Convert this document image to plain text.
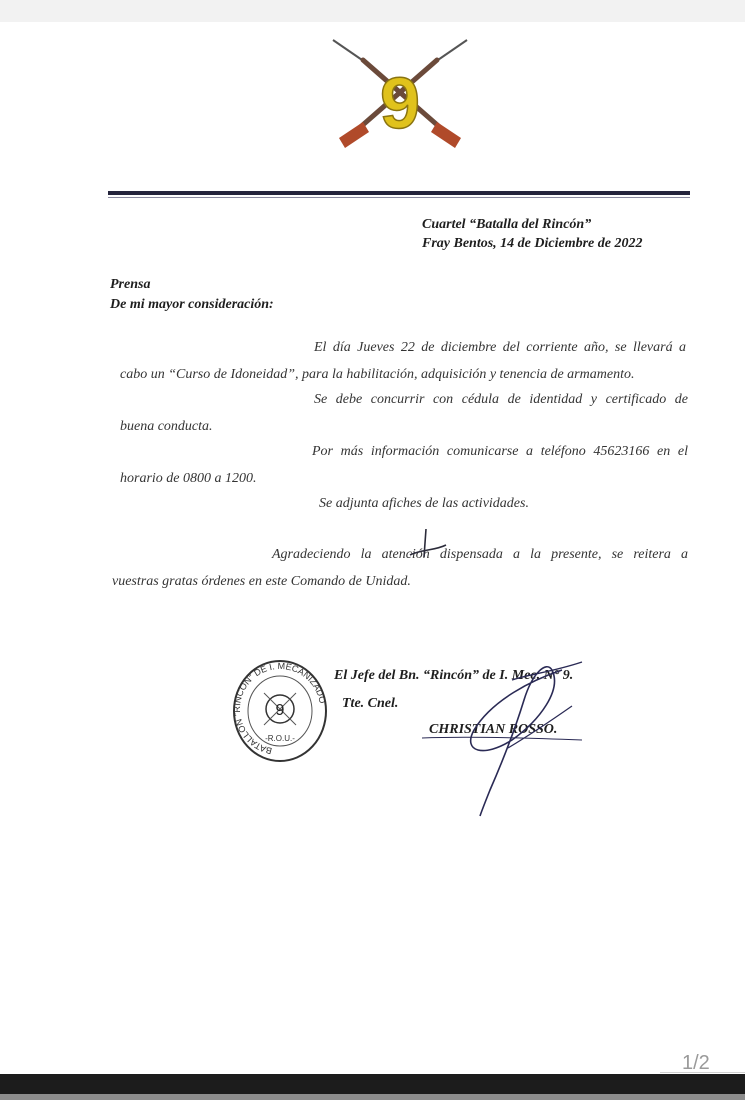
9
Cuartel “Batalla del Rincón”
Fray Bentos, 14 de Diciembre de 2022
Prensa
De mi mayor consideración:
El día Jueves 22 de diciembre del corriente año, se llevará a
cabo un “Curso de Idoneidad”, para la habilitación, adquisición y tenencia de armamento.
Se debe concurrir con cédula de identidad y certificado de
buena conducta.
Por más información comunicarse a teléfono 45623166 en el
horario de 0800 a 1200.
Se adjunta afiches de las actividades.
Agradeciendo la atención dispensada a la presente, se reitera a
vuestras gratas órdenes en este Comando de Unidad.
BATALLON "RINCON" DE I. MECANIZADO
9
-R.O.U.-
El Jefe del Bn. “Rincón” de I. Mec. N° 9.
Tte. Cnel.
CHRISTIAN ROSSO.
1/2
